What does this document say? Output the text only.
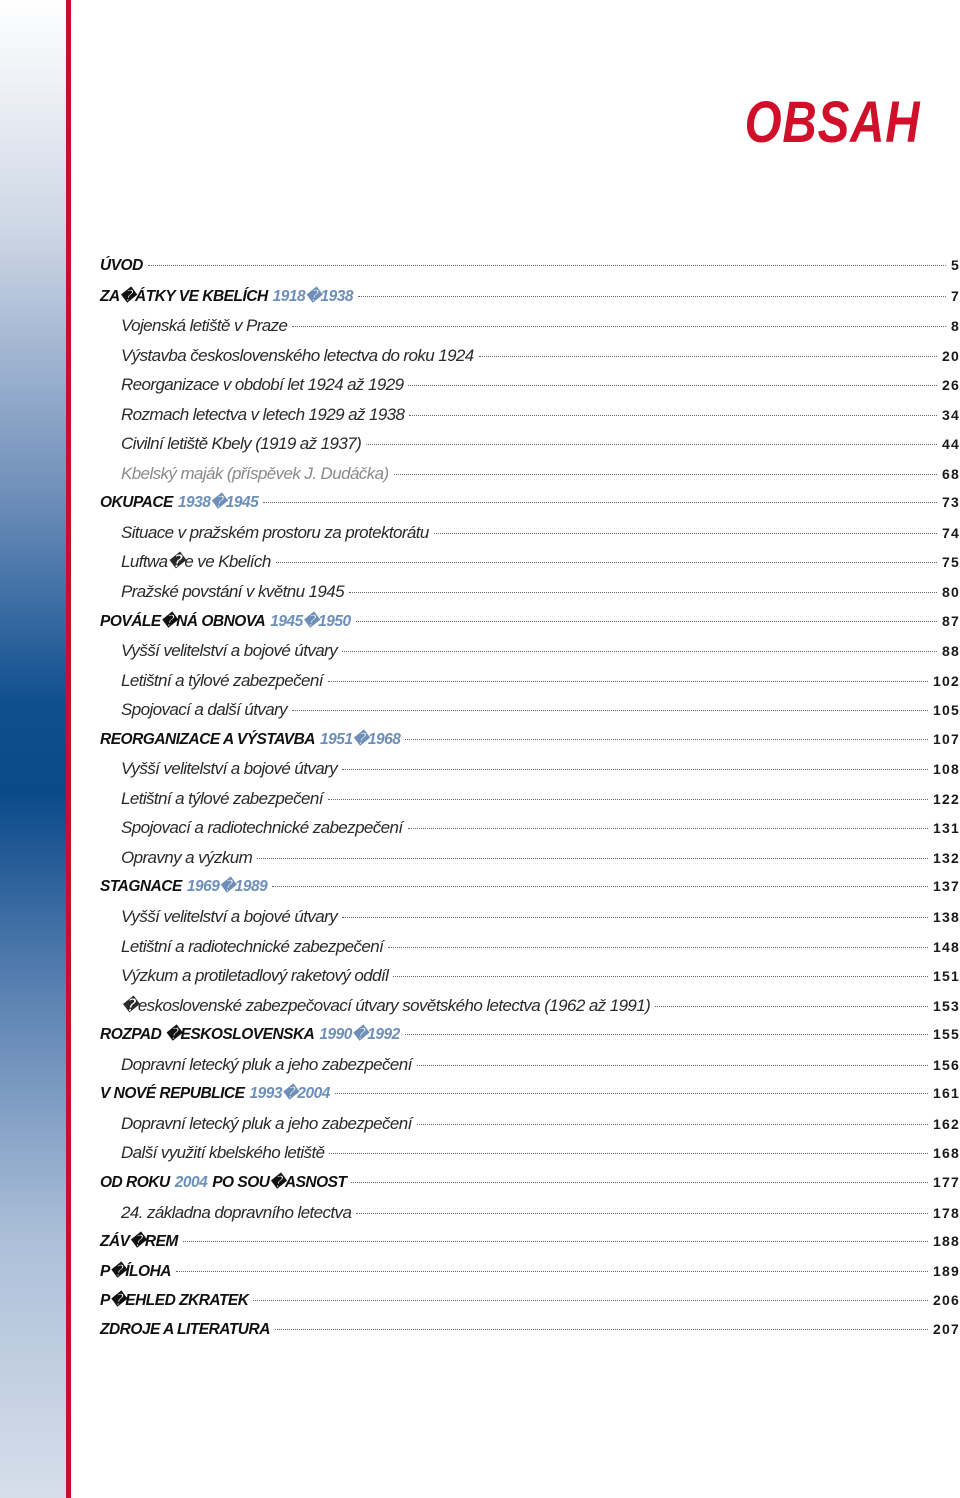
OBSAH
ÚVOD	5
ZA�ÁTKY VE KBELÍCH 1918�1938	7
Vojenská letiště v Praze	8
Výstavba československého letectva do roku 1924	20
Reorganizace v období let 1924 až 1929	26
Rozmach letectva v letech 1929 až 1938	34
Civilní letiště Kbely (1919 až 1937)	44
Kbelský maják (příspěvek J. Dudáčka)	68
OKUPACE 1938�1945	73
Situace v pražském prostoru za protektorátu	74
Luftwa�e ve Kbelích	75
Pražské povstání v květnu 1945	80
POVÁLE�NÁ OBNOVA 1945�1950	87
Vyšší velitelství a bojové útvary	88
Letištní a týlové zabezpečení	102
Spojovací a další útvary	105
REORGANIZACE A VÝSTAVBA 1951�1968	107
Vyšší velitelství a bojové útvary	108
Letištní a týlové zabezpečení	122
Spojovací a radiotechnické zabezpečení	131
Opravny a výzkum	132
STAGNACE 1969�1989	137
Vyšší velitelství a bojové útvary	138
Letištní a radiotechnické zabezpečení	148
Výzkum a protiletadlový raketový oddíl	151
�eskoslovenské zabezpečovací útvary sovětského letectva (1962 až 1991)	153
ROZPAD �ESKOSLOVENSKA 1990�1992	155
Dopravní letecký pluk a jeho zabezpečení	156
V NOVÉ REPUBLICE 1993�2004	161
Dopravní letecký pluk a jeho zabezpečení	162
Další využití kbelského letiště	168
OD ROKU 2004 PO SOU�ASNOST	177
24. základna dopravního letectva	178
ZÁV�REM	188
P�ÍLOHA	189
P�EHLED ZKRATEK	206
ZDROJE A LITERATURA	207
